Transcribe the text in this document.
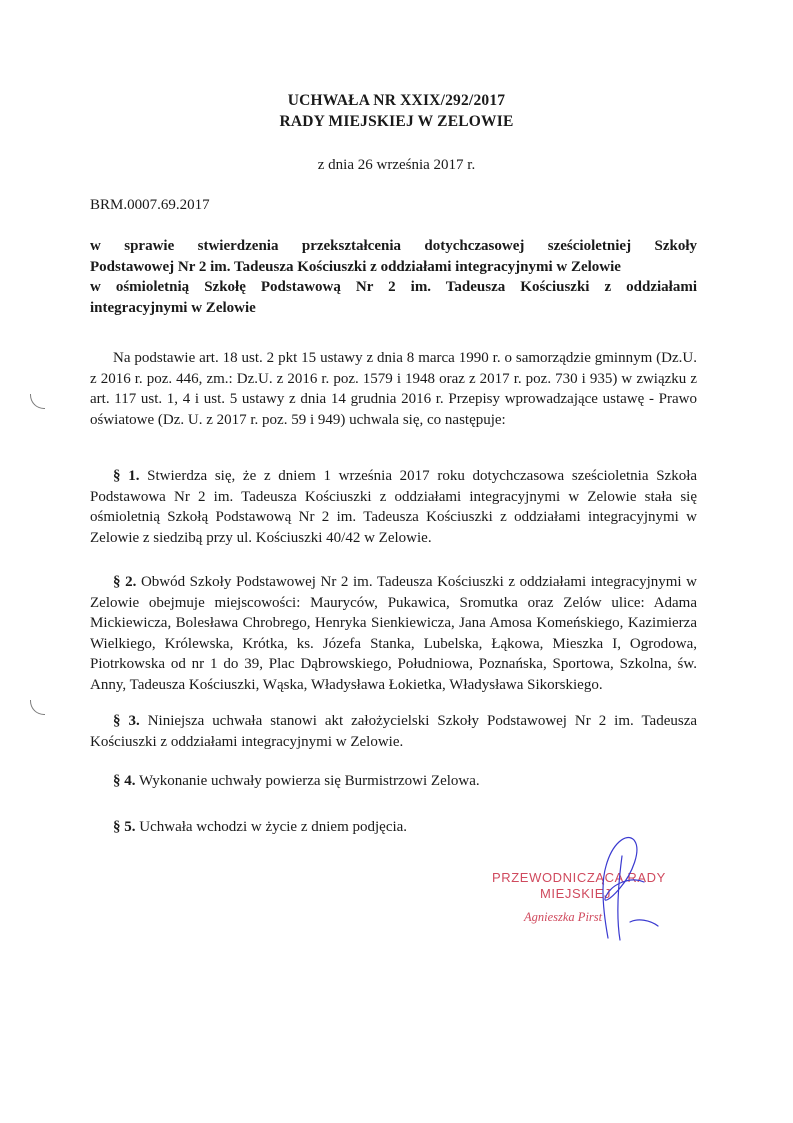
UCHWAŁA NR XXIX/292/2017
RADY MIEJSKIEJ W ZELOWIE
z dnia 26 września 2017 r.
BRM.0007.69.2017
w sprawie stwierdzenia przekształcenia dotychczasowej sześcioletniej Szkoły
Podstawowej Nr 2 im. Tadeusza Kościuszki z oddziałami integracyjnymi w Zelowie
w ośmioletnią Szkołę Podstawową Nr 2 im. Tadeusza Kościuszki z oddziałami
integracyjnymi w Zelowie
Na podstawie art. 18 ust. 2 pkt 15 ustawy z dnia 8 marca 1990 r. o samorządzie gminnym (Dz.U. z 2016 r. poz. 446, zm.: Dz.U. z 2016 r. poz. 1579 i 1948 oraz z 2017 r. poz. 730 i 935) w związku z art. 117 ust. 1, 4 i ust. 5 ustawy z dnia 14 grudnia 2016 r. Przepisy wprowadzające ustawę - Prawo oświatowe (Dz. U. z 2017 r. poz. 59 i 949) uchwala się, co następuje:
§ 1. Stwierdza się, że z dniem 1 września 2017 roku dotychczasowa sześcioletnia Szkoła Podstawowa Nr 2 im. Tadeusza Kościuszki z oddziałami integracyjnymi w Zelowie stała się ośmioletnią Szkołą Podstawową Nr 2 im. Tadeusza Kościuszki z oddziałami integracyjnymi w Zelowie z siedzibą przy ul. Kościuszki 40/42 w Zelowie.
§ 2. Obwód Szkoły Podstawowej Nr 2 im. Tadeusza Kościuszki z oddziałami integracyjnymi w Zelowie obejmuje miejscowości: Mauryców, Pukawica, Sromutka oraz Zelów ulice: Adama Mickiewicza, Bolesława Chrobrego, Henryka Sienkiewicza, Jana Amosa Komeńskiego, Kazimierza Wielkiego, Królewska, Krótka, ks. Józefa Stanka, Lubelska, Łąkowa, Mieszka I, Ogrodowa, Piotrkowska od nr 1 do 39, Plac Dąbrowskiego, Południowa, Poznańska, Sportowa, Szkolna, św. Anny, Tadeusza Kościuszki, Wąska, Władysława Łokietka, Władysława Sikorskiego.
§ 3. Niniejsza uchwała stanowi akt założycielski Szkoły Podstawowej Nr 2 im. Tadeusza Kościuszki z oddziałami integracyjnymi w Zelowie.
§ 4. Wykonanie uchwały powierza się Burmistrzowi Zelowa.
§ 5. Uchwała wchodzi w życie z dniem podjęcia.
PRZEWODNICZĄCA RADY
MIEJSKIEJ
Agnieszka Pirst
